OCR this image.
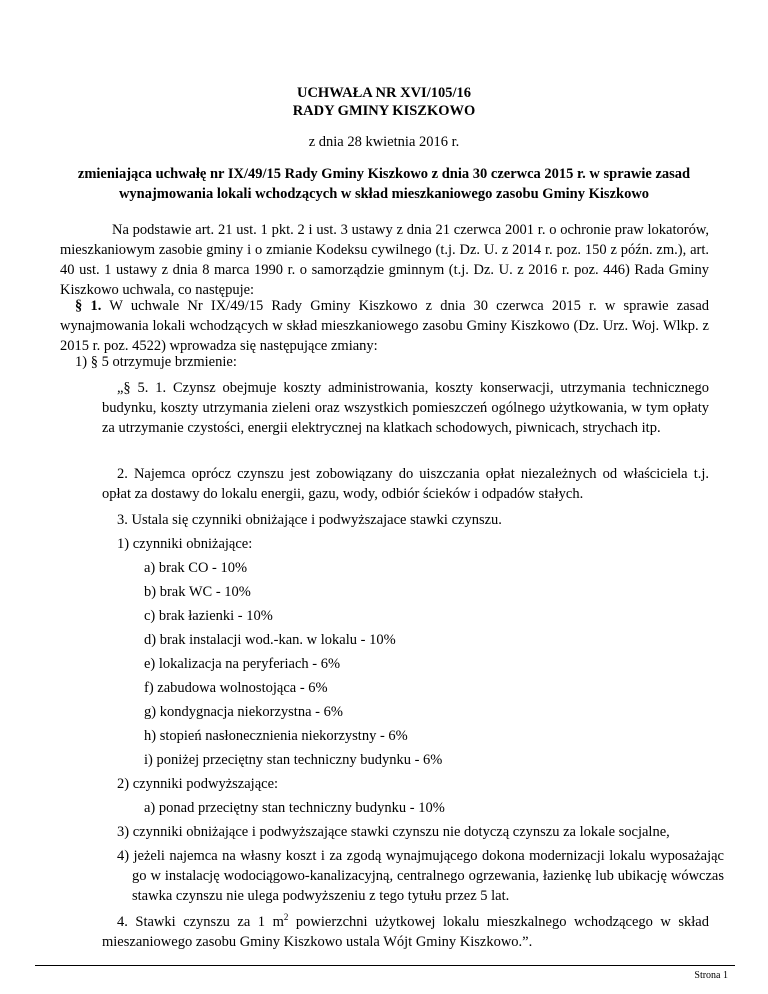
UCHWAŁA NR XVI/105/16
RADY GMINY KISZKOWO
z dnia 28 kwietnia 2016 r.
zmieniająca uchwałę nr IX/49/15 Rady Gminy Kiszkowo z dnia 30 czerwca 2015 r. w sprawie zasad wynajmowania lokali wchodzących w skład mieszkaniowego zasobu Gminy Kiszkowo
Na podstawie art. 21 ust. 1 pkt. 2 i ust. 3 ustawy z dnia 21 czerwca 2001 r. o ochronie praw lokatorów, mieszkaniowym zasobie gminy i o zmianie Kodeksu cywilnego (t.j. Dz. U. z 2014 r. poz. 150 z późn. zm.), art. 40 ust. 1 ustawy z dnia 8 marca 1990 r. o samorządzie gminnym (t.j. Dz. U. z 2016 r. poz. 446) Rada Gminy Kiszkowo uchwala, co następuje:
§ 1. W uchwale Nr IX/49/15 Rady Gminy Kiszkowo z dnia 30 czerwca 2015 r. w sprawie zasad wynajmowania lokali wchodzących w skład mieszkaniowego zasobu Gminy Kiszkowo (Dz. Urz. Woj. Wlkp. z 2015 r. poz. 4522) wprowadza się następujące zmiany:
1) § 5 otrzymuje brzmienie:
„§ 5. 1. Czynsz obejmuje koszty administrowania, koszty konserwacji, utrzymania technicznego budynku, koszty utrzymania zieleni oraz wszystkich pomieszczeń ogólnego użytkowania, w tym opłaty za utrzymanie czystości, energii elektrycznej na klatkach schodowych, piwnicach, strychach itp.
2. Najemca oprócz czynszu jest zobowiązany do uiszczania opłat niezależnych od właściciela t.j. opłat za dostawy do lokalu energii, gazu, wody, odbiór ścieków i odpadów stałych.
3. Ustala się czynniki obniżające i podwyższajace stawki czynszu.
1) czynniki obniżające:
a) brak CO - 10%
b) brak WC - 10%
c) brak łazienki - 10%
d) brak instalacji wod.-kan. w lokalu - 10%
e) lokalizacja na peryferiach - 6%
f) zabudowa wolnostojąca - 6%
g) kondygnacja niekorzystna - 6%
h) stopień nasłonecznienia niekorzystny - 6%
i) poniżej przeciętny stan techniczny budynku - 6%
2) czynniki podwyższające:
a) ponad przeciętny stan techniczny budynku - 10%
3) czynniki obniżające i podwyższające stawki czynszu nie dotyczą czynszu za lokale socjalne,
4) jeżeli najemca na własny koszt i za zgodą wynajmującego dokona modernizacji lokalu wyposażając go w instalację wodociągowo-kanalizacyjną, centralnego ogrzewania, łazienkę lub ubikację wówczas stawka czynszu nie ulega podwyższeniu z tego tytułu przez 5 lat.
4. Stawki czynszu za 1 $m^2$ powierzchni użytkowej lokalu mieszkalnego wchodzącego w skład mieszaniowego zasobu Gminy Kiszkowo ustala Wójt Gminy Kiszkowo.”.
Strona 1
